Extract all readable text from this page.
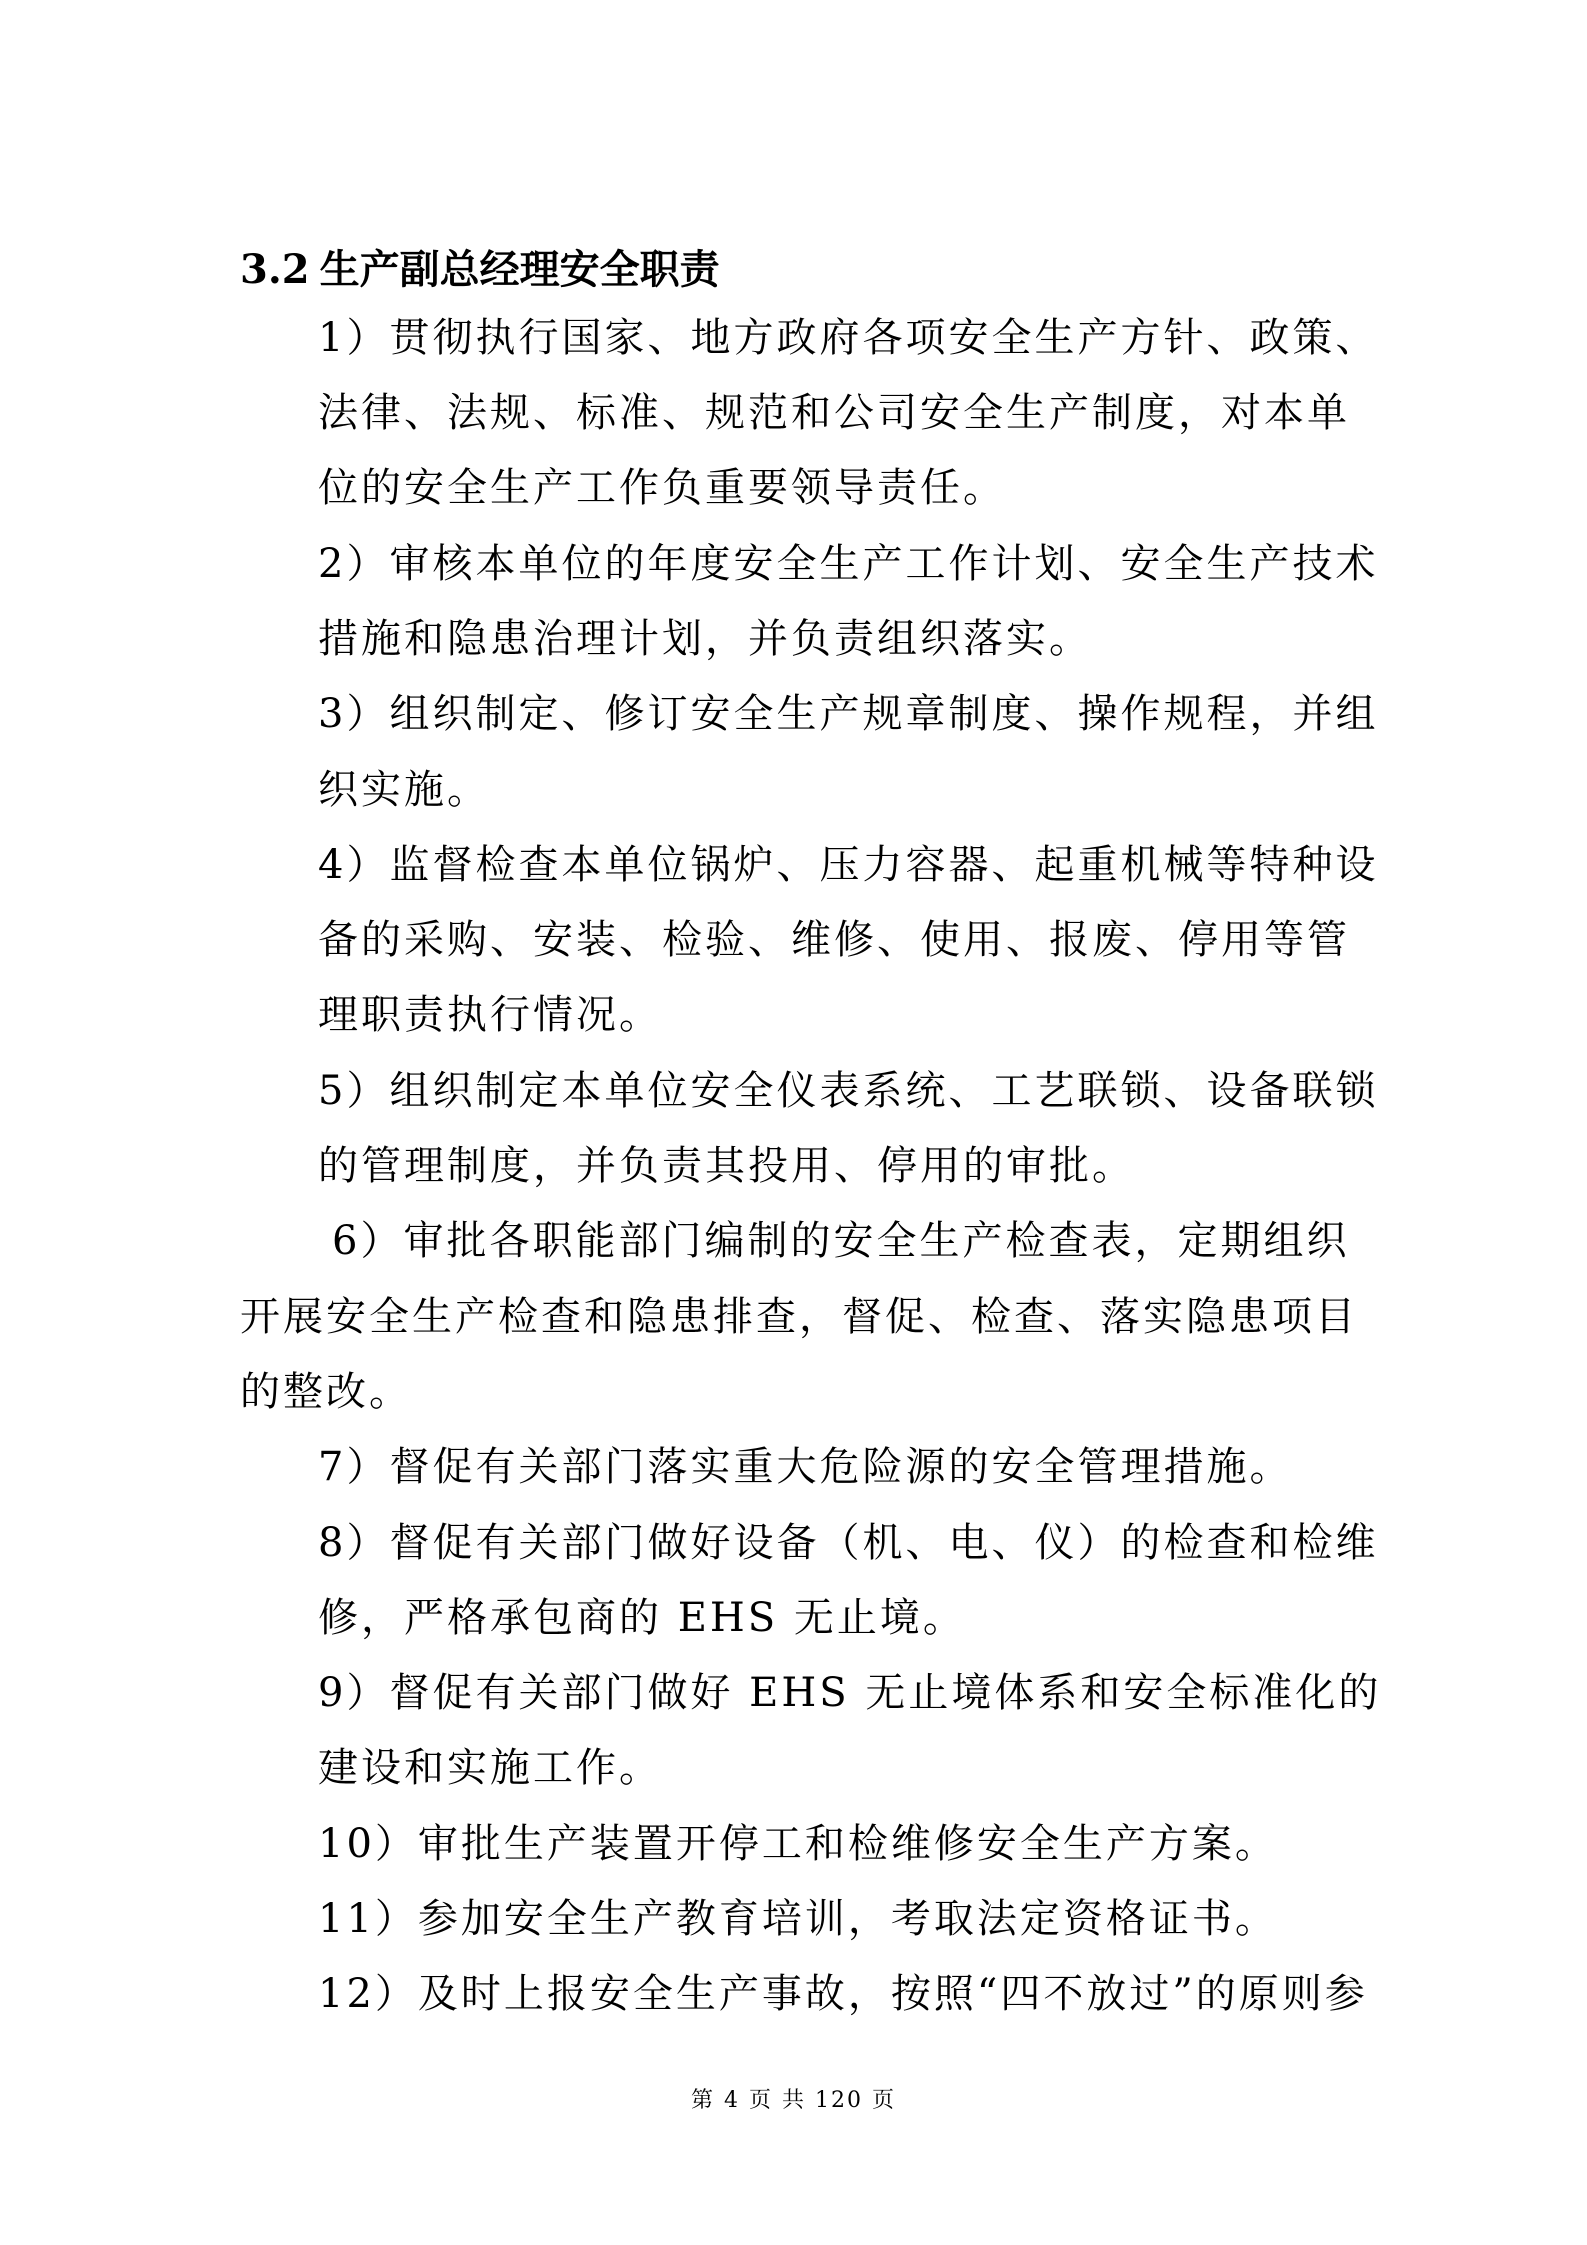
3.2 生产副总经理安全职责

1）贯彻执行国家、地方政府各项安全生产方针、政策、

法律、法规、标准、规范和公司安全生产制度，对本单

位的安全生产工作负重要领导责任。

2）审核本单位的年度安全生产工作计划、安全生产技术

措施和隐患治理计划，并负责组织落实。

3）组织制定、修订安全生产规章制度、操作规程，并组

织实施。

4）监督检查本单位锅炉、压力容器、起重机械等特种设

备的采购、安装、检验、维修、使用、报废、停用等管

理职责执行情况。

5）组织制定本单位安全仪表系统、工艺联锁、设备联锁

的管理制度，并负责其投用、停用的审批。

6）审批各职能部门编制的安全生产检查表，定期组织

开展安全生产检查和隐患排查，督促、检查、落实隐患项目

的整改。

7）督促有关部门落实重大危险源的安全管理措施。

8）督促有关部门做好设备（机、电、仪）的检查和检维

修，严格承包商的 EHS 无止境。

9）督促有关部门做好 EHS 无止境体系和安全标准化的

建设和实施工作。

10）审批生产装置开停工和检维修安全生产方案。

11）参加安全生产教育培训，考取法定资格证书。

12）及时上报安全生产事故，按照“四不放过”的原则参

第 4 页 共 120 页
